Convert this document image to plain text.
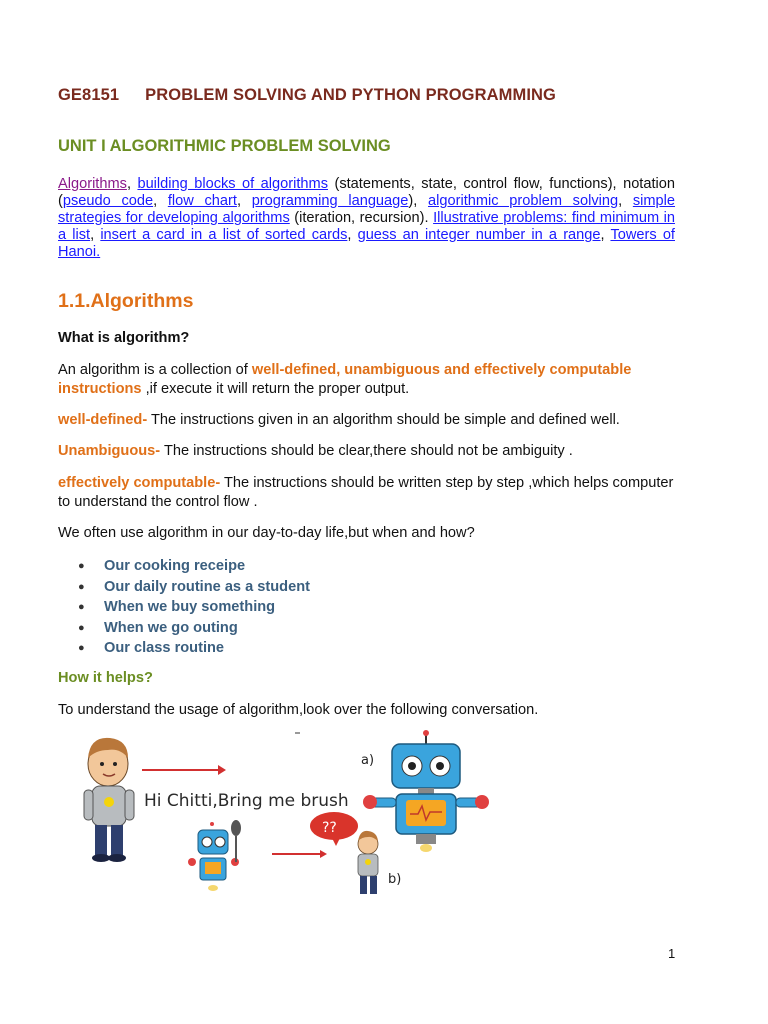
GE8151 PROBLEM SOLVING AND PYTHON PROGRAMMING
UNIT I ALGORITHMIC PROBLEM SOLVING
Algorithms, building blocks of algorithms (statements, state, control flow, functions), notation (pseudo code, flow chart, programming language), algorithmic problem solving, simple strategies for developing algorithms (iteration, recursion). Illustrative problems: find minimum in a list, insert a card in a list of sorted cards, guess an integer number in a range, Towers of Hanoi.
1.1.Algorithms
What is algorithm?
An algorithm is a collection of well-defined, unambiguous and effectively computable instructions ,if execute it will return the proper output.
well-defined- The instructions given in an algorithm should be simple and defined well.
Unambiguous- The instructions should be clear,there should not be ambiguity .
effectively computable- The instructions should be written step by step ,which helps computer to understand the control flow .
We often use algorithm in our day-to-day life,but when and how?
● Our cooking receipe
● Our daily routine as a student
● When we buy something
● When we go outing
● Our class routine
How it helps?
To understand the usage of algorithm,look over the following conversation.
Hi Chitti,Bring me brush
a)
??
b)
1
